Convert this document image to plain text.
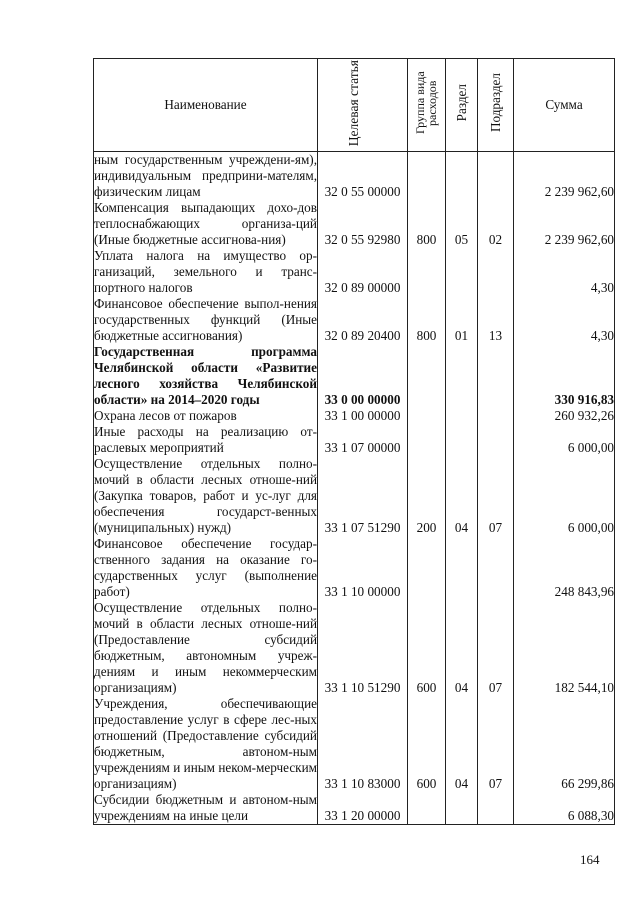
Наименование	Целевая статья	Группа вида расходов	Раздел	Подраздел	Сумма
ным государственным учреждени-ям), индивидуальным предприни-мателям, физическим лицам	32 0 55 00000				2 239 962,60
Компенсация выпадающих дохо-дов теплоснабжающих организа-ций (Иные бюджетные ассигнова-ния)	32 0 55 92980	800	05	02	2 239 962,60
Уплата налога на имущество ор-ганизаций, земельного и транс-портного налогов	32 0 89 00000				4,30
Финансовое обеспечение выпол-нения государственных функций (Иные бюджетные ассигнования)	32 0 89 20400	800	01	13	4,30
Государственная программа Челябинской области «Развитие лесного хозяйства Челябинской области» на 2014–2020 годы	33 0 00 00000				330 916,83
Охрана лесов от пожаров	33 1 00 00000				260 932,26
Иные расходы на реализацию от-раслевых мероприятий	33 1 07 00000				6 000,00
Осуществление отдельных полно-мочий в области лесных отноше-ний (Закупка товаров, работ и ус-луг для обеспечения государст-венных (муниципальных) нужд)	33 1 07 51290	200	04	07	6 000,00
Финансовое обеспечение государ-ственного задания на оказание го-сударственных услуг (выполнение работ)	33 1 10 00000				248 843,96
Осуществление отдельных полно-мочий в области лесных отноше-ний (Предоставление субсидий бюджетным, автономным учреж-дениям и иным некоммерческим организациям)	33 1 10 51290	600	04	07	182 544,10
Учреждения, обеспечивающие предоставление услуг в сфере лес-ных отношений (Предоставление субсидий бюджетным, автоном-ным учреждениям и иным неком-мерческим организациям)	33 1 10 83000	600	04	07	66 299,86
Субсидии бюджетным и автоном-ным учреждениям на иные цели	33 1 20 00000				6 088,30
164
